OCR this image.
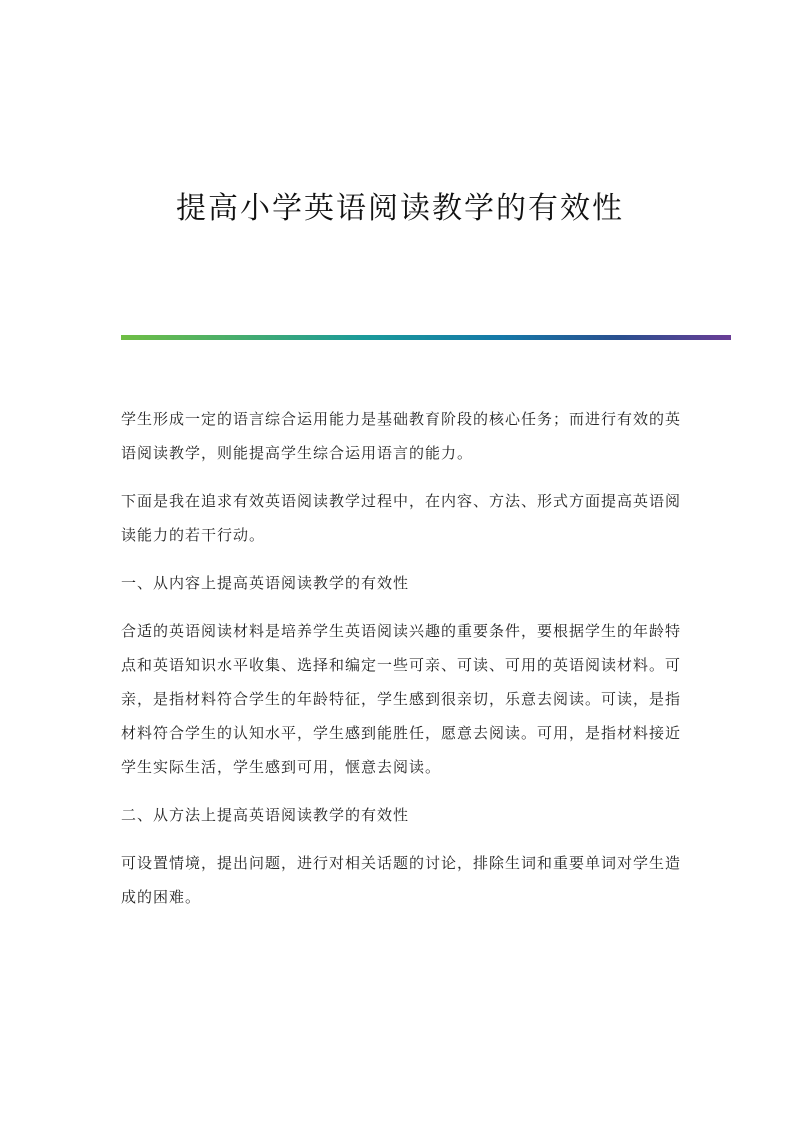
提高小学英语阅读教学的有效性

学生形成一定的语言综合运用能力是基础教育阶段的核心任务；而进行有效的英语阅读教学，则能提高学生综合运用语言的能力。

下面是我在追求有效英语阅读教学过程中，在内容、方法、形式方面提高英语阅读能力的若干行动。

一、从内容上提高英语阅读教学的有效性

合适的英语阅读材料是培养学生英语阅读兴趣的重要条件，要根据学生的年龄特点和英语知识水平收集、选择和编定一些可亲、可读、可用的英语阅读材料。可亲，是指材料符合学生的年龄特征，学生感到很亲切，乐意去阅读。可读，是指材料符合学生的认知水平，学生感到能胜任，愿意去阅读。可用，是指材料接近学生实际生活，学生感到可用，惬意去阅读。

二、从方法上提高英语阅读教学的有效性

可设置情境，提出问题，进行对相关话题的讨论，排除生词和重要单词对学生造成的困难。
